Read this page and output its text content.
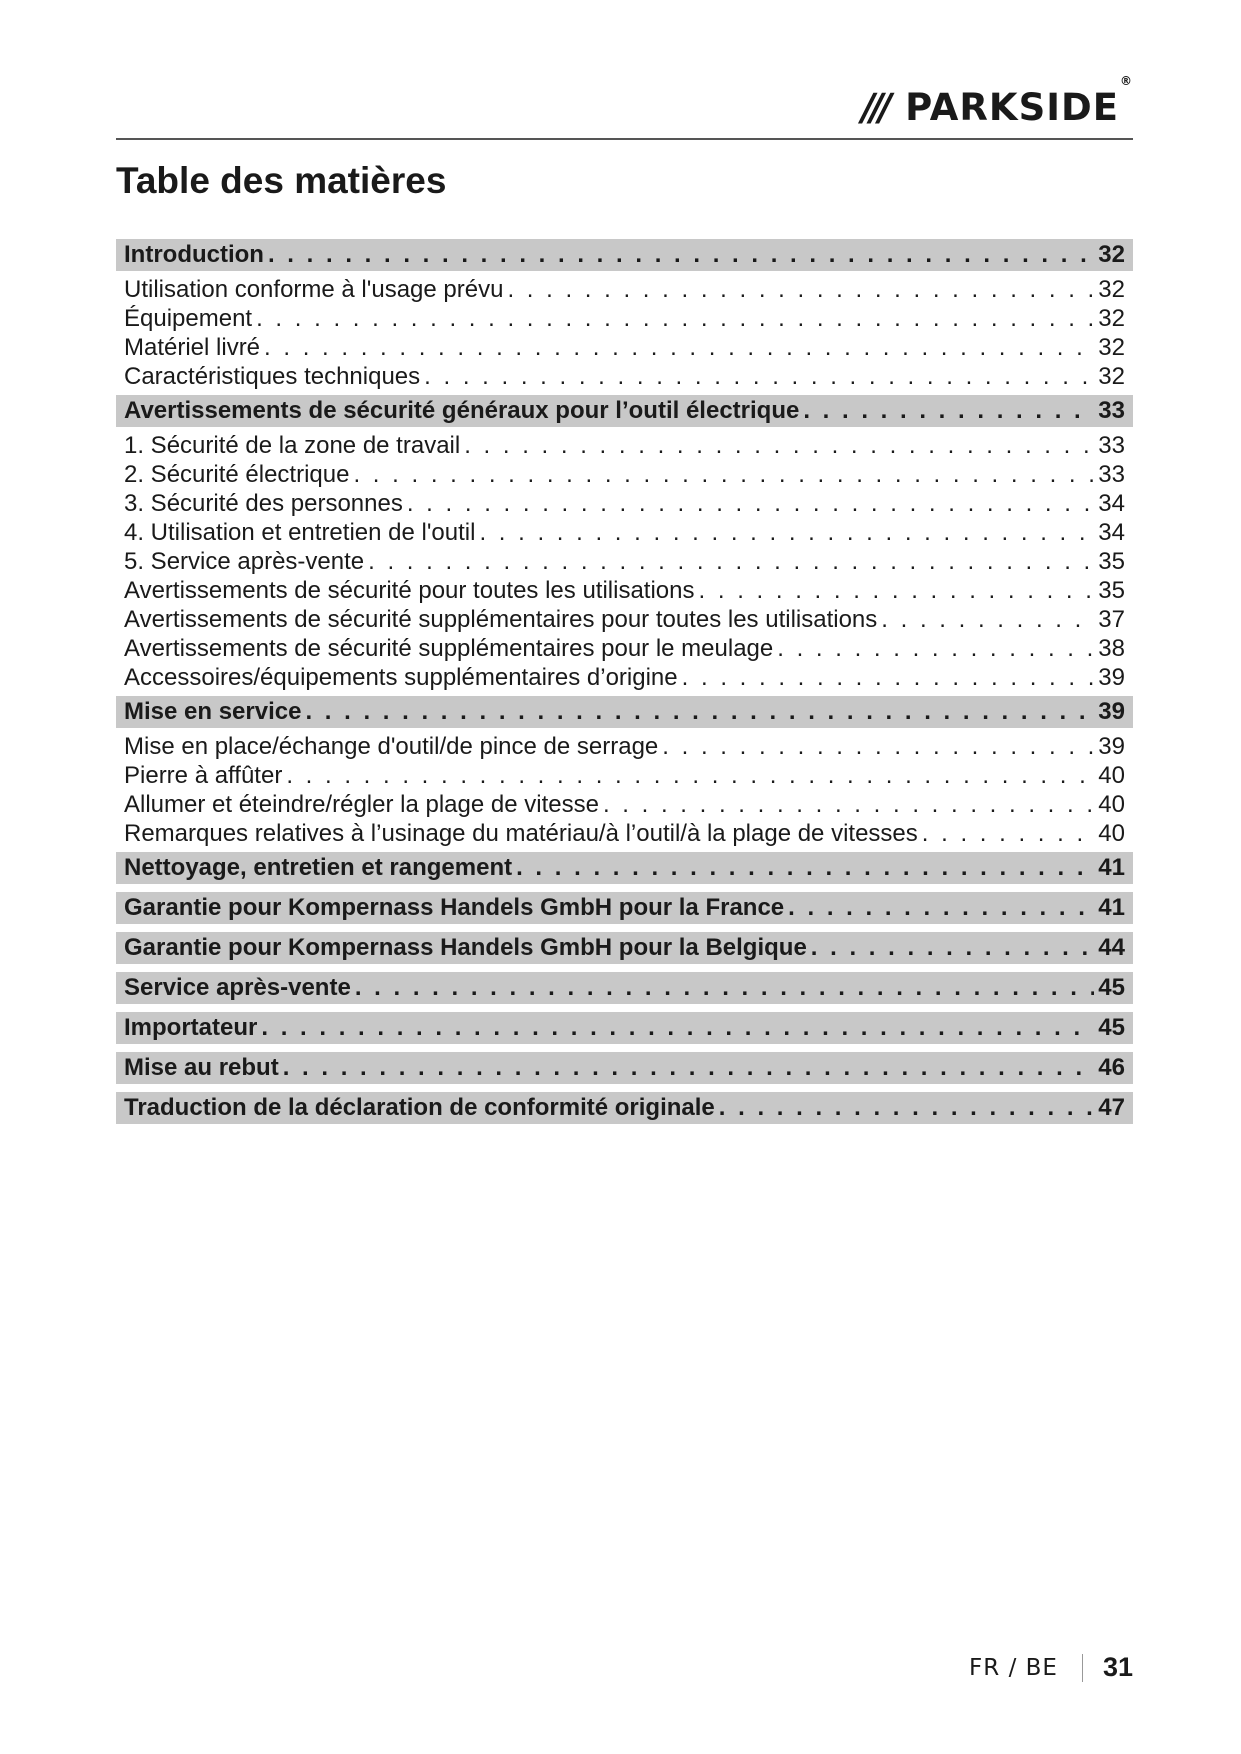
/// PARKSIDE®
Table des matières
Introduction . . .	32
Utilisation conforme à l'usage prévu . . .	32
Équipement . . .	32
Matériel livré . . .	32
Caractéristiques techniques . . .	32
Avertissements de sécurité généraux pour l’outil électrique . . .	33
1. Sécurité de la zone de travail . . .	33
2. Sécurité électrique . . .	33
3. Sécurité des personnes . . .	34
4. Utilisation et entretien de l'outil . . .	34
5. Service après-vente . . .	35
Avertissements de sécurité pour toutes les utilisations . . .	35
Avertissements de sécurité supplémentaires pour toutes les utilisations . . .	37
Avertissements de sécurité supplémentaires pour le meulage . . .	38
Accessoires/équipements supplémentaires d’origine . . .	39
Mise en service . . .	39
Mise en place/échange d'outil/de pince de serrage . . .	39
Pierre à affûter . . .	40
Allumer et éteindre/régler la plage de vitesse . . .	40
Remarques relatives à l’usinage du matériau/à l’outil/à la plage de vitesses . . .	40
Nettoyage, entretien et rangement . . .	41
Garantie pour Kompernass Handels GmbH pour la France . . .	41
Garantie pour Kompernass Handels GmbH pour la Belgique . . .	44
Service après-vente . . .	45
Importateur . . .	45
Mise au rebut . . .	46
Traduction de la déclaration de conformité originale . . .	47
FR / BE 31
